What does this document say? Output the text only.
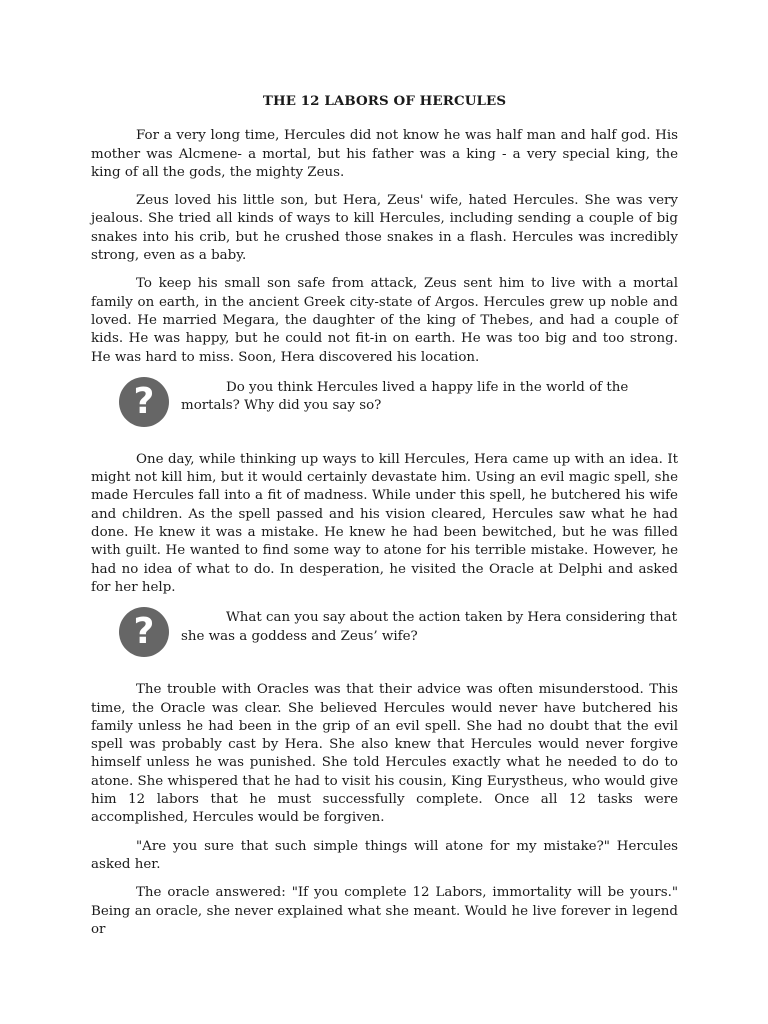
THE 12 LABORS OF HERCULES

For a very long time, Hercules did not know he was half man and half god. His mother was Alcmene- a mortal, but his father was a king - a very special king, the king of all the gods, the mighty Zeus.

Zeus loved his little son, but Hera, Zeus' wife, hated Hercules. She was very jealous. She tried all kinds of ways to kill Hercules, including sending a couple of big snakes into his crib, but he crushed those snakes in a flash. Hercules was incredibly strong, even as a baby.

To keep his small son safe from attack, Zeus sent him to live with a mortal family on earth, in the ancient Greek city-state of Argos. Hercules grew up noble and loved. He married Megara, the daughter of the king of Thebes, and had a couple of kids. He was happy, but he could not fit-in on earth. He was too big and too strong. He was hard to miss. Soon, Hera discovered his location.

?	Do you think Hercules lived a happy life in the world of the mortals? Why did you say so?

One day, while thinking up ways to kill Hercules, Hera came up with an idea. It might not kill him, but it would certainly devastate him. Using an evil magic spell, she made Hercules fall into a fit of madness. While under this spell, he butchered his wife and children. As the spell passed and his vision cleared, Hercules saw what he had done. He knew it was a mistake. He knew he had been bewitched, but he was filled with guilt. He wanted to find some way to atone for his terrible mistake. However, he had no idea of what to do. In desperation, he visited the Oracle at Delphi and asked for her help.

?	What can you say about the action taken by Hera considering that she was a goddess and Zeus’ wife?

The trouble with Oracles was that their advice was often misunderstood. This time, the Oracle was clear. She believed Hercules would never have butchered his family unless he had been in the grip of an evil spell. She had no doubt that the evil spell was probably cast by Hera. She also knew that Hercules would never forgive himself unless he was punished. She told Hercules exactly what he needed to do to atone. She whispered that he had to visit his cousin, King Eurystheus, who would give him 12 labors that he must successfully complete. Once all 12 tasks were accomplished, Hercules would be forgiven.

"Are you sure that such simple things will atone for my mistake?" Hercules asked her.

The oracle answered: "If you complete 12 Labors, immortality will be yours." Being an oracle, she never explained what she meant. Would he live forever in legend or
